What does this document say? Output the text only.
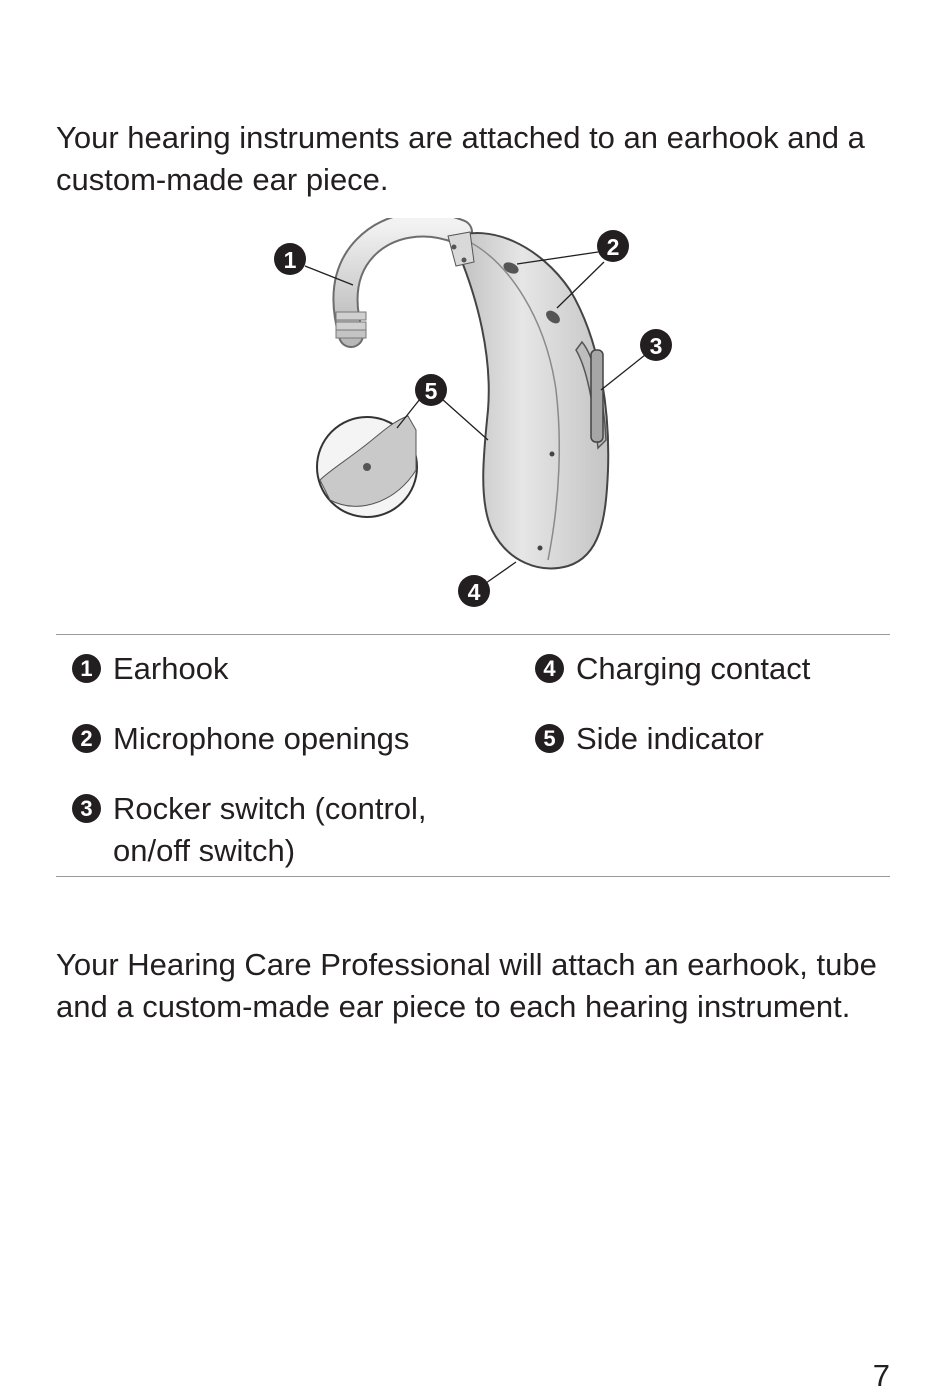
Your hearing instruments are attached to an earhook and a custom-made ear piece.

1	2
3
4
5
1 Earhook
2 Microphone openings
3 Rocker switch (control, on/off switch)
4 Charging contact
5 Side indicator

Your Hearing Care Professional will attach an earhook, tube and a custom-made ear piece to each hearing instrument.

7
